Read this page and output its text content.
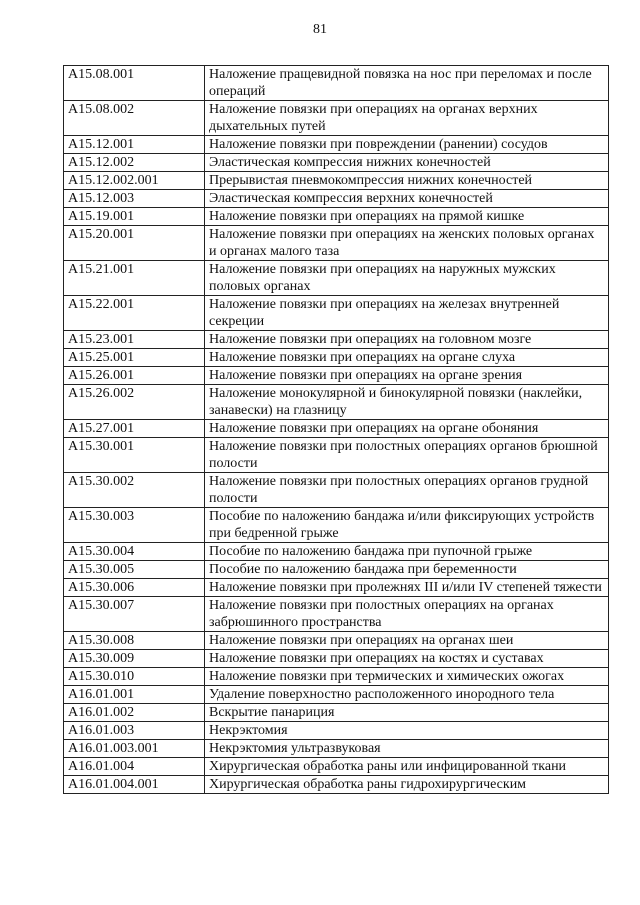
81
A15.08.001	Наложение пращевидной повязка на нос при переломах и после операций
A15.08.002	Наложение повязки при операциях на органах верхних дыхательных путей
A15.12.001	Наложение повязки при повреждении (ранении) сосудов
A15.12.002	Эластическая компрессия нижних конечностей
A15.12.002.001	Прерывистая пневмокомпрессия нижних конечностей
A15.12.003	Эластическая компрессия верхних конечностей
A15.19.001	Наложение повязки при операциях на прямой кишке
A15.20.001	Наложение повязки при операциях на женских половых органах и органах малого таза
A15.21.001	Наложение повязки при операциях на наружных мужских половых органах
A15.22.001	Наложение повязки при операциях на железах внутренней секреции
A15.23.001	Наложение повязки при операциях на головном мозге
A15.25.001	Наложение повязки при операциях на органе слуха
A15.26.001	Наложение повязки при операциях на органе зрения
A15.26.002	Наложение монокулярной и бинокулярной повязки (наклейки, занавески) на глазницу
A15.27.001	Наложение повязки при операциях на органе обоняния
A15.30.001	Наложение повязки при полостных операциях органов брюшной полости
A15.30.002	Наложение повязки при полостных операциях органов грудной полости
A15.30.003	Пособие по наложению бандажа и/или фиксирующих устройств при бедренной грыже
A15.30.004	Пособие по наложению бандажа при пупочной грыже
A15.30.005	Пособие по наложению бандажа при беременности
A15.30.006	Наложение повязки при пролежнях III и/или IV степеней тяжести
A15.30.007	Наложение повязки при полостных операциях на органах забрюшинного пространства
A15.30.008	Наложение повязки при операциях на органах шеи
A15.30.009	Наложение повязки при операциях на костях и суставах
A15.30.010	Наложение повязки при термических и химических ожогах
A16.01.001	Удаление поверхностно расположенного инородного тела
A16.01.002	Вскрытие панариция
A16.01.003	Некрэктомия
A16.01.003.001	Некрэктомия ультразвуковая
A16.01.004	Хирургическая обработка раны или инфицированной ткани
A16.01.004.001	Хирургическая обработка раны гидрохирургическим
